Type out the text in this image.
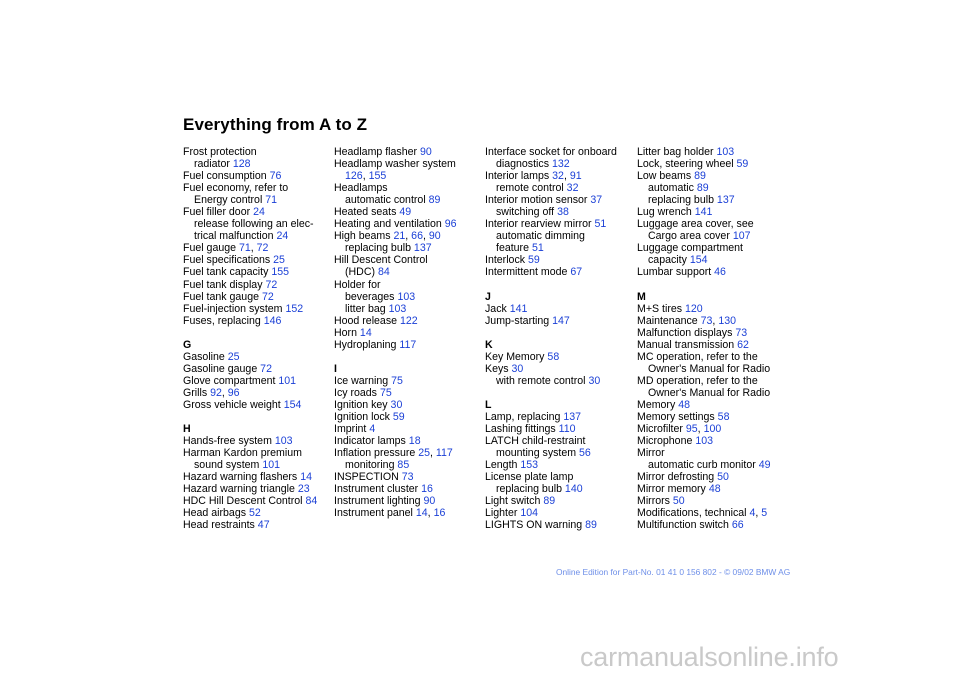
Everything from A to Z
Frost protection
radiator 128
Fuel consumption 76
Fuel economy, refer to
Energy control 71
Fuel filler door 24
release following an elec-
trical malfunction 24
Fuel gauge 71, 72
Fuel specifications 25
Fuel tank capacity 155
Fuel tank display 72
Fuel tank gauge 72
Fuel-injection system 152
Fuses, replacing 146
G
Gasoline 25
Gasoline gauge 72
Glove compartment 101
Grills 92, 96
Gross vehicle weight 154
H
Hands-free system 103
Harman Kardon premium
sound system 101
Hazard warning flashers 14
Hazard warning triangle 23
HDC Hill Descent Control 84
Head airbags 52
Head restraints 47
Headlamp flasher 90
Headlamp washer system
126, 155
Headlamps
automatic control 89
Heated seats 49
Heating and ventilation 96
High beams 21, 66, 90
replacing bulb 137
Hill Descent Control
(HDC) 84
Holder for
beverages 103
litter bag 103
Hood release 122
Horn 14
Hydroplaning 117
I
Ice warning 75
Icy roads 75
Ignition key 30
Ignition lock 59
Imprint 4
Indicator lamps 18
Inflation pressure 25, 117
monitoring 85
INSPECTION 73
Instrument cluster 16
Instrument lighting 90
Instrument panel 14, 16
Interface socket for onboard
diagnostics 132
Interior lamps 32, 91
remote control 32
Interior motion sensor 37
switching off 38
Interior rearview mirror 51
automatic dimming
feature 51
Interlock 59
Intermittent mode 67
J
Jack 141
Jump-starting 147
K
Key Memory 58
Keys 30
with remote control 30
L
Lamp, replacing 137
Lashing fittings 110
LATCH child-restraint
mounting system 56
Length 153
License plate lamp
replacing bulb 140
Light switch 89
Lighter 104
LIGHTS ON warning 89
Litter bag holder 103
Lock, steering wheel 59
Low beams 89
automatic 89
replacing bulb 137
Lug wrench 141
Luggage area cover, see
Cargo area cover 107
Luggage compartment
capacity 154
Lumbar support 46
M
M+S tires 120
Maintenance 73, 130
Malfunction displays 73
Manual transmission 62
MC operation, refer to the
Owner's Manual for Radio
MD operation, refer to the
Owner's Manual for Radio
Memory 48
Memory settings 58
Microfilter 95, 100
Microphone 103
Mirror
automatic curb monitor 49
Mirror defrosting 50
Mirror memory 48
Mirrors 50
Modifications, technical 4, 5
Multifunction switch 66
Online Edition for Part-No. 01 41 0 156 802 - © 09/02 BMW AG
carmanualsonline.info
